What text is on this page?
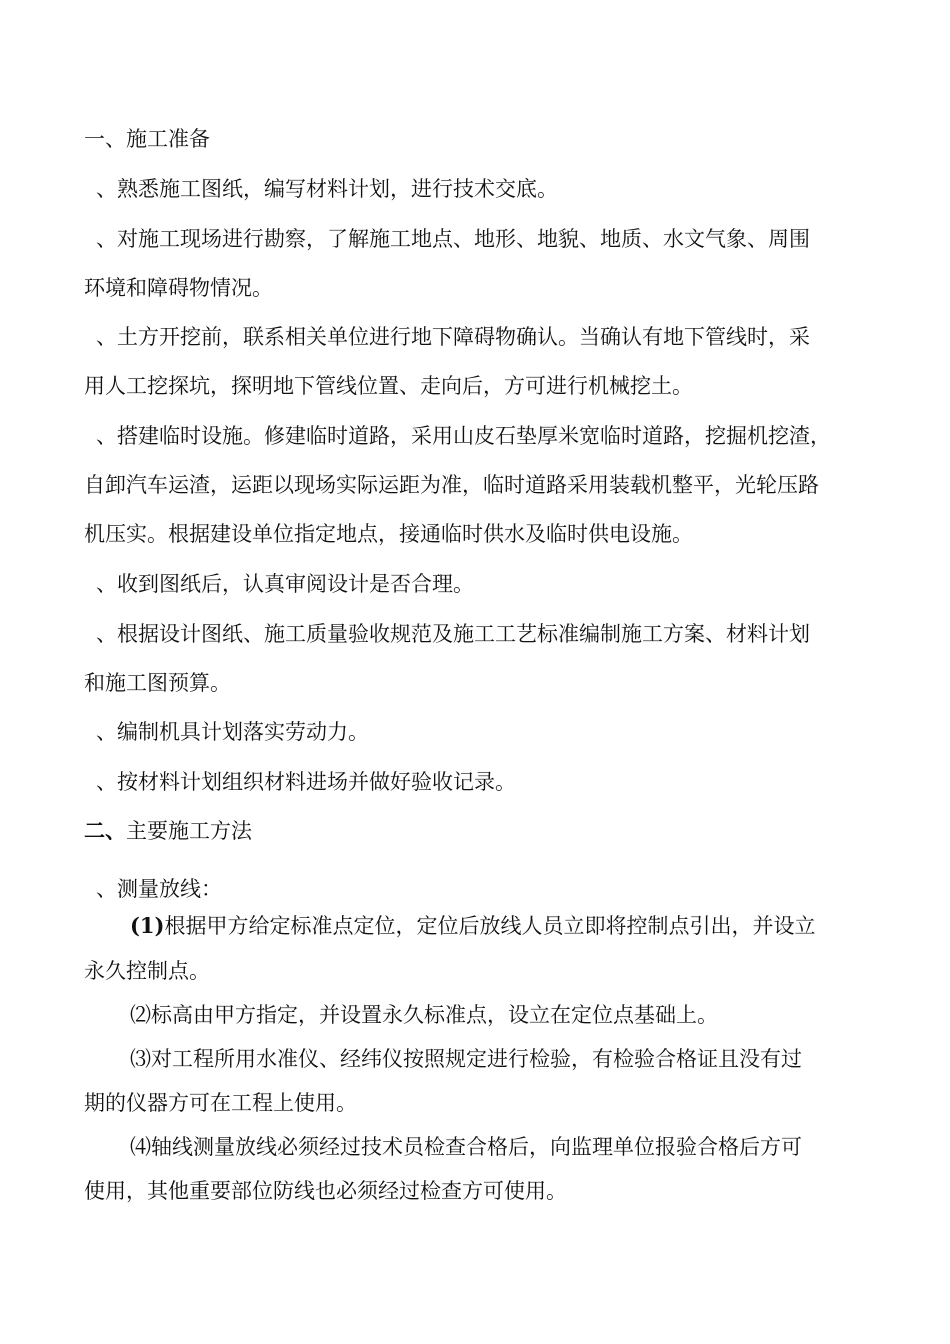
一、施工准备
、熟悉施工图纸，编写材料计划，进行技术交底。
、对施工现场进行勘察，了解施工地点、地形、地貌、地质、水文气象、周围
环境和障碍物情况。
、土方开挖前，联系相关单位进行地下障碍物确认。当确认有地下管线时，采
用人工挖探坑，探明地下管线位置、走向后，方可进行机械挖土。
、搭建临时设施。修建临时道路，采用山皮石垫厚米宽临时道路，挖掘机挖渣，
自卸汽车运渣，运距以现场实际运距为准，临时道路采用装载机整平，光轮压路
机压实。根据建设单位指定地点，接通临时供水及临时供电设施。
、收到图纸后，认真审阅设计是否合理。
、根据设计图纸、施工质量验收规范及施工工艺标准编制施工方案、材料计划
和施工图预算。
、编制机具计划落实劳动力。
、按材料计划组织材料进场并做好验收记录。
二、主要施工方法
、测量放线：
(1)根据甲方给定标准点定位，定位后放线人员立即将控制点引出，并设立
永久控制点。
⑵标高由甲方指定，并设置永久标准点，设立在定位点基础上。
⑶对工程所用水准仪、经纬仪按照规定进行检验，有检验合格证且没有过
期的仪器方可在工程上使用。
⑷轴线测量放线必须经过技术员检查合格后，向监理单位报验合格后方可
使用，其他重要部位防线也必须经过检查方可使用。
